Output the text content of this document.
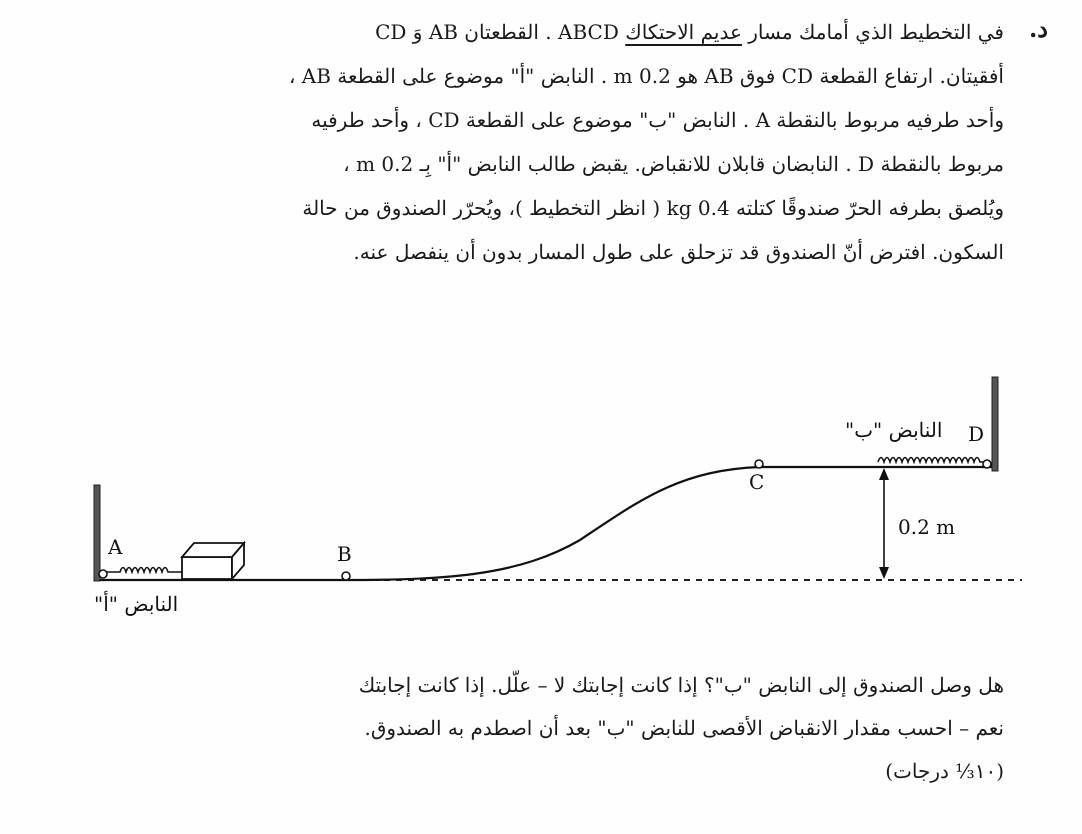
د.

في التخطيط الذي أمامك مسار عديم الاحتكاك ABCD . القطعتان AB وَ CD
أفقيتان. ارتفاع القطعة CD فوق AB هو 0.2 m . النابض "أ" موضوع على القطعة AB ،
وأحد طرفيه مربوط بالنقطة A . النابض "ب" موضوع على القطعة CD ، وأحد طرفيه
مربوط بالنقطة D . النابضان قابلان للانقباض. يقبض طالب النابض "أ" بِـ 0.2 m ،
ويُلصق بطرفه الحرّ صندوقًا كتلته 0.4 kg ( انظر التخطيط )، ويُحرّر الصندوق من حالة
السكون. افترض أنّ الصندوق قد تزحلق على طول المسار بدون أن ينفصل عنه.

A	B
C
D
النابض "أ"
النابض "ب"
0.2 m

هل وصل الصندوق إلى النابض "ب"؟ إذا كانت إجابتك لا – علّل. إذا كانت إجابتك
نعم – احسب مقدار الانقباض الأقصى للنابض "ب" بعد أن اصطدم به الصندوق.
(١٠⅓ درجات)
